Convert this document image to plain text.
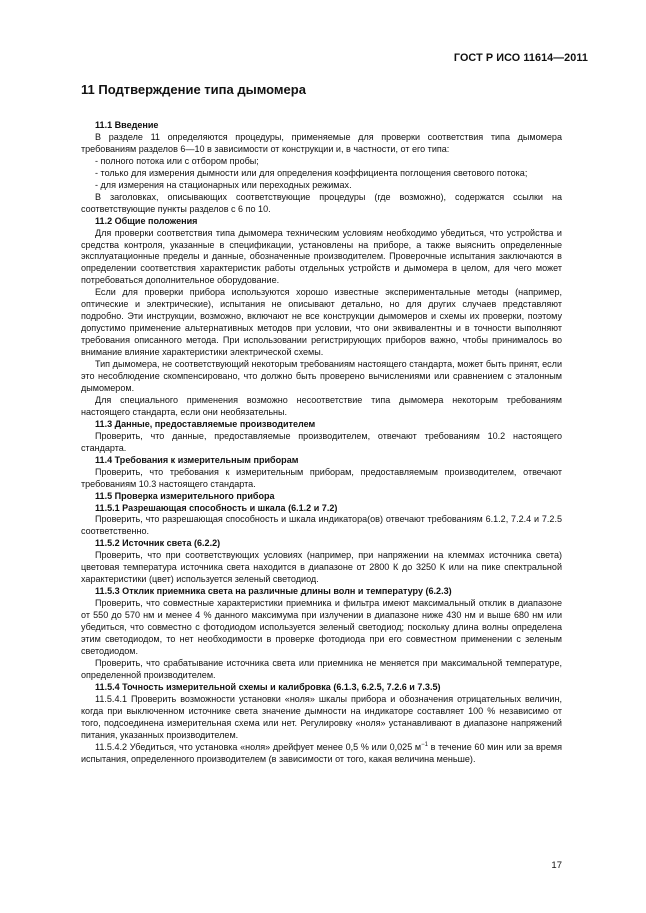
ГОСТ Р ИСО 11614—2011
11 Подтверждение типа дымомера

11.1 Введение

В разделе 11 определяются процедуры, применяемые для проверки соответствия типа дымомера требованиям разделов 6—10 в зависимости от конструкции и, в частности, от его типа:

- полного потока или с отбором пробы;

- только для измерения дымности или для определения коэффициента поглощения светового потока;

- для измерения на стационарных или переходных режимах.

В заголовках, описывающих соответствующие процедуры (где возможно), содержатся ссылки на соответствующие пункты разделов с 6 по 10.

11.2 Общие положения

Для проверки соответствия типа дымомера техническим условиям необходимо убедиться, что устройства и средства контроля, указанные в спецификации, установлены на приборе, а также выяснить определенные эксплуатационные пределы и данные, обозначенные производителем. Проверочные испытания заключаются в определении соответствия характеристик работы отдельных устройств и дымомера в целом, для чего может потребоваться дополнительное оборудование.

Если для проверки прибора используются хорошо известные экспериментальные методы (например, оптические и электрические), испытания не описывают детально, но для других случаев представляют подробно. Эти инструкции, возможно, включают не все конструкции дымомеров и схемы их проверки, поэтому допустимо применение альтернативных методов при условии, что они эквивалентны и в точности выполняют требования описанного метода. При использовании регистрирующих приборов важно, чтобы принималось во внимание влияние характеристики электрической схемы.

Тип дымомера, не соответствующий некоторым требованиям настоящего стандарта, может быть принят, если это несоблюдение скомпенсировано, что должно быть проверено вычислениями или сравнением с эталонным дымомером.

Для специального применения возможно несоответствие типа дымомера некоторым требованиям настоящего стандарта, если они необязательны.

11.3 Данные, предоставляемые производителем

Проверить, что данные, предоставляемые производителем, отвечают требованиям 10.2 настоящего стандарта.

11.4 Требования к измерительным приборам

Проверить, что требования к измерительным приборам, предоставляемым производителем, отвечают требованиям 10.3 настоящего стандарта.

11.5 Проверка измерительного прибора

11.5.1 Разрешающая способность и шкала (6.1.2 и 7.2)

Проверить, что разрешающая способность и шкала индикатора(ов) отвечают требованиям 6.1.2, 7.2.4 и 7.2.5 соответственно.

11.5.2 Источник света (6.2.2)

Проверить, что при соответствующих условиях (например, при напряжении на клеммах источника света) цветовая температура источника света находится в диапазоне от 2800 К до 3250 К или на пике спектральной характеристики (цвет) используется зеленый светодиод.

11.5.3 Отклик приемника света на различные длины волн и температуру (6.2.3)

Проверить, что совместные характеристики приемника и фильтра имеют максимальный отклик в диапазоне от 550 до 570 нм и менее 4 % данного максимума при излучении в диапазоне ниже 430 нм и выше 680 нм или убедиться, что совместно с фотодиодом используется зеленый светодиод; поскольку длина волны определена этим светодиодом, то нет необходимости в проверке фотодиода при его совместном применении с зеленым светодиодом.

Проверить, что срабатывание источника света или приемника не меняется при максимальной температуре, определенной производителем.

11.5.4 Точность измерительной схемы и калибровка (6.1.3, 6.2.5, 7.2.6 и 7.3.5)

11.5.4.1 Проверить возможности установки «ноля» шкалы прибора и обозначения отрицательных величин, когда при выключенном источнике света значение дымности на индикаторе составляет 100 % независимо от того, подсоединена измерительная схема или нет. Регулировку «ноля» устанавливают в диапазоне напряжений питания, указанных производителем.

11.5.4.2 Убедиться, что установка «ноля» дрейфует менее 0,5 % или 0,025 $м^{-1}$ в течение 60 мин или за время испытания, определенного производителем (в зависимости от того, какая величина меньше).

17
